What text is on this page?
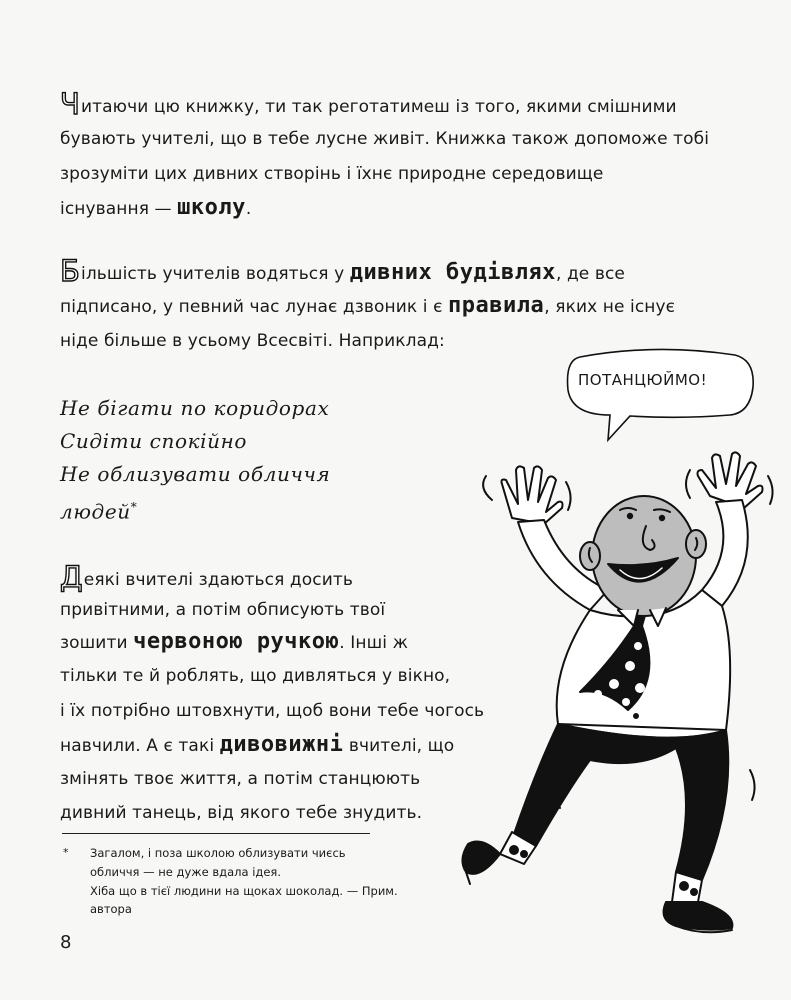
Читаючи цю книжку, ти так реготатимеш із того, якими смішними
бувають учителі, що в тебе лусне живіт. Книжка також допоможе тобі
зрозуміти цих дивних створінь і їхнє природне середовище
існування — школу.
Більшість учителів водяться у дивних будівлях, де все
підписано, у певний час лунає дзвоник і є правила, яких не існує
ніде більше в усьому Всесвіті. Наприклад:
Не бігати по коридорах
Сидіти спокійно
Не облизувати обличчя
людей*
Деякі вчителі здаються досить
привітними, а потім обписують твої
зошити червоною ручкою. Інші ж
тільки те й роблять, що дивляться у вікно,
і їх потрібно штовхнути, щоб вони тебе чогось
навчили. А є такі дивовижні вчителі, що
змінять твоє життя, а потім станцюють
дивний танець, від якого тебе знудить.
* Загалом, і поза школою облизувати чиєсь
обличчя — не дуже вдала ідея.
Хіба що в тієї людини на щоках шоколад. — Прим.
автора
8
ПОТАНЦЮЙМО!
